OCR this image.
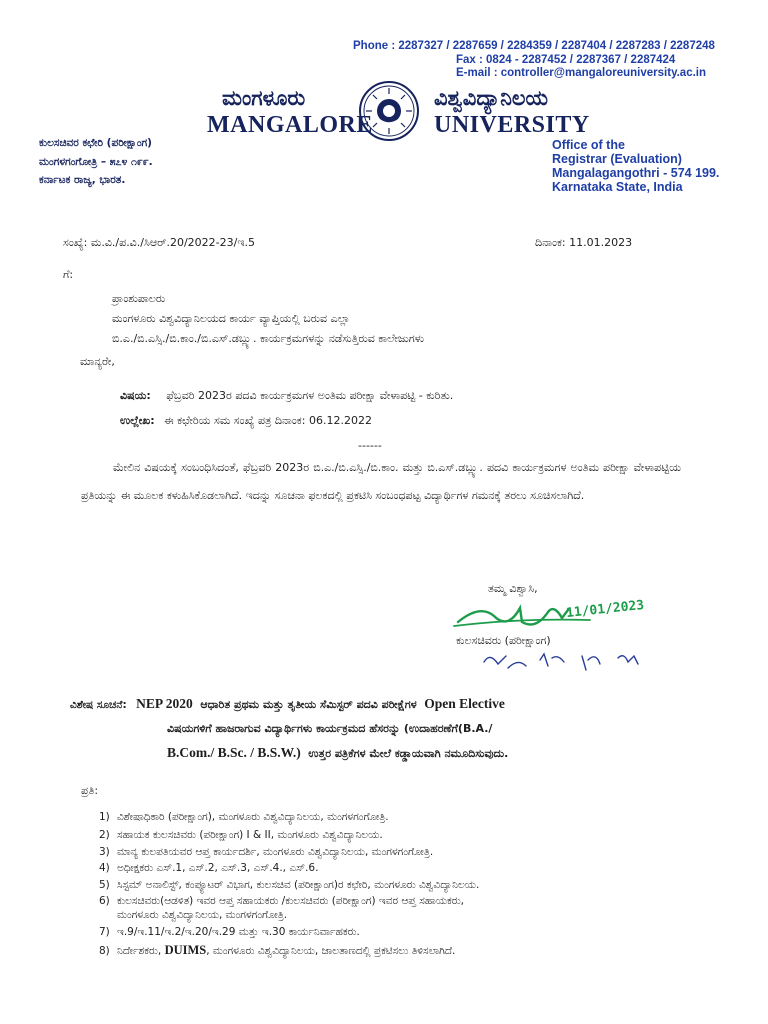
Phone : 2287327 / 2287659 / 2284359 / 2287404 / 2287283 / 2287248
Fax : 0824 - 2287452 / 2287367 / 2287424
E-mail : controller@mangaloreuniversity.ac.in
ಮಂಗಳೂರು	ವಿಶ್ವವಿದ್ಯಾನಿಲಯ
MANGALORE	UNIVERSITY
ಕುಲಸಚಿವರ ಕಛೇರಿ (ಪರೀಕ್ಷಾಂಗ)
ಮಂಗಳಗಂಗೋತ್ರಿ – ೫೭೪ ೧೯೯.
ಕರ್ನಾಟಕ ರಾಜ್ಯ, ಭಾರತ.
Office of the
Registrar (Evaluation)
Mangalagangothri - 574 199.
Karnataka State, India
ಸಂಖ್ಯೆ: ಮ.ವಿ./ಪ.ವಿ./ಸಿಆರ್.20/2022-23/ಇ.5	ದಿನಾಂಕ: 11.01.2023
ಗೆ:
ಪ್ರಾಂಶುಪಾಲರು
ಮಂಗಳೂರು ವಿಶ್ವವಿದ್ಯಾನಿಲಯದ ಕಾರ್ಯ ವ್ಯಾಪ್ತಿಯಲ್ಲಿ ಬರುವ ಎಲ್ಲಾ
ಬಿ.ಎ./ಬಿ.ಎಸ್ಸಿ./ಬಿ.ಕಾಂ./ಬಿ.ಎಸ್.ಡಬ್ಲ್ಯು. ಕಾರ್ಯಕ್ರಮಗಳನ್ನು ನಡೆಸುತ್ತಿರುವ ಕಾಲೇಜುಗಳು
ಮಾನ್ಯರೇ,
ವಿಷಯ: ಫೆಬ್ರವರಿ 2023ರ ಪದವಿ ಕಾರ್ಯಕ್ರಮಗಳ ಅಂತಿಮ ಪರೀಕ್ಷಾ ವೇಳಾಪಟ್ಟಿ - ಕುರಿತು.
ಉಲ್ಲೇಖ: ಈ ಕಛೇರಿಯ ಸಮ ಸಂಖ್ಯೆ ಪತ್ರ ದಿನಾಂಕ: 06.12.2022
------
ಮೇಲಿನ ವಿಷಯಕ್ಕೆ ಸಂಬಂಧಿಸಿದಂತೆ, ಫೆಬ್ರವರಿ 2023ರ ಬಿ.ಎ./ಬಿ.ಎಸ್ಸಿ./ಬಿ.ಕಾಂ. ಮತ್ತು ಬಿ.ಎಸ್.ಡಬ್ಲ್ಯು. ಪದವಿ ಕಾರ್ಯಕ್ರಮಗಳ ಅಂತಿಮ ಪರೀಕ್ಷಾ ವೇಳಾಪಟ್ಟಿಯ ಪ್ರತಿಯನ್ನು ಈ ಮೂಲಕ ಕಳುಹಿಸಿಕೊಡಲಾಗಿದೆ. ಇದನ್ನು ಸೂಚನಾ ಫಲಕದಲ್ಲಿ ಪ್ರಕಟಿಸಿ ಸಂಬಂಧಪಟ್ಟ ವಿದ್ಯಾರ್ಥಿಗಳ ಗಮನಕ್ಕೆ ತರಲು ಸೂಚಿಸಲಾಗಿದೆ.
ತಮ್ಮ ವಿಶ್ವಾಸಿ,
11/01/2023
ಕುಲಸಚಿವರು (ಪರೀಕ್ಷಾಂಗ)
ವಿಶೇಷ ಸೂಚನೆ: NEP 2020 ಆಧಾರಿತ ಪ್ರಥಮ ಮತ್ತು ತೃತೀಯ ಸೆಮಿಸ್ಟರ್ ಪದವಿ ಪರೀಕ್ಷೆಗಳ Open Elective
ವಿಷಯಗಳಿಗೆ ಹಾಜರಾಗುವ ವಿದ್ಯಾರ್ಥಿಗಳು ಕಾರ್ಯಕ್ರಮದ ಹೆಸರನ್ನು (ಉದಾಹರಣೆಗೆ(B.A./
B.Com./ B.Sc. / B.S.W.) ಉತ್ತರ ಪತ್ರಿಕೆಗಳ ಮೇಲೆ ಕಡ್ಡಾಯವಾಗಿ ನಮೂದಿಸುವುದು.
ಪ್ರತಿ:
1) ವಿಶೇಷಾಧಿಕಾರಿ (ಪರೀಕ್ಷಾಂಗ), ಮಂಗಳೂರು ವಿಶ್ವವಿದ್ಯಾನಿಲಯ, ಮಂಗಳಗಂಗೋತ್ರಿ.
2) ಸಹಾಯಕ ಕುಲಸಚಿವರು (ಪರೀಕ್ಷಾಂಗ) I & II, ಮಂಗಳೂರು ವಿಶ್ವವಿದ್ಯಾನಿಲಯ.
3) ಮಾನ್ಯ ಕುಲಪತಿಯವರ ಆಪ್ತ ಕಾರ್ಯದರ್ಶಿ, ಮಂಗಳೂರು ವಿಶ್ವವಿದ್ಯಾನಿಲಯ, ಮಂಗಳಗಂಗೋತ್ರಿ.
4) ಅಧೀಕ್ಷಕರು ಎಸ್.1, ಎಸ್.2, ಎಸ್.3, ಎಸ್.4., ಎಸ್.6.
5) ಸಿಸ್ಟಮ್ ಅನಾಲಿಸ್ಟ್, ಕಂಪ್ಯೂಟರ್ ವಿಭಾಗ, ಕುಲಸಚಿವ (ಪರೀಕ್ಷಾಂಗ)ರ ಕಛೇರಿ, ಮಂಗಳೂರು ವಿಶ್ವವಿದ್ಯಾನಿಲಯ.
6) ಕುಲಸಚಿವರು(ಆಡಳಿತ) ಇವರ ಆಪ್ತ ಸಹಾಯಕರು /ಕುಲಸಚಿವರು (ಪರೀಕ್ಷಾಂಗ) ಇವರ ಆಪ್ತ ಸಹಾಯಕರು,
ಮಂಗಳೂರು ವಿಶ್ವವಿದ್ಯಾನಿಲಯ, ಮಂಗಳಗಂಗೋತ್ರಿ.
7) ಇ.9/ಇ.11/ಇ.2/ಇ.20/ಇ.29 ಮತ್ತು ಇ.30 ಕಾರ್ಯನಿರ್ವಾಹಕರು.
8) ನಿರ್ದೇಶಕರು, DUIMS, ಮಂಗಳೂರು ವಿಶ್ವವಿದ್ಯಾನಿಲಯ, ಜಾಲತಾಣದಲ್ಲಿ ಪ್ರಕಟಿಸಲು ತಿಳಿಸಲಾಗಿದೆ.
